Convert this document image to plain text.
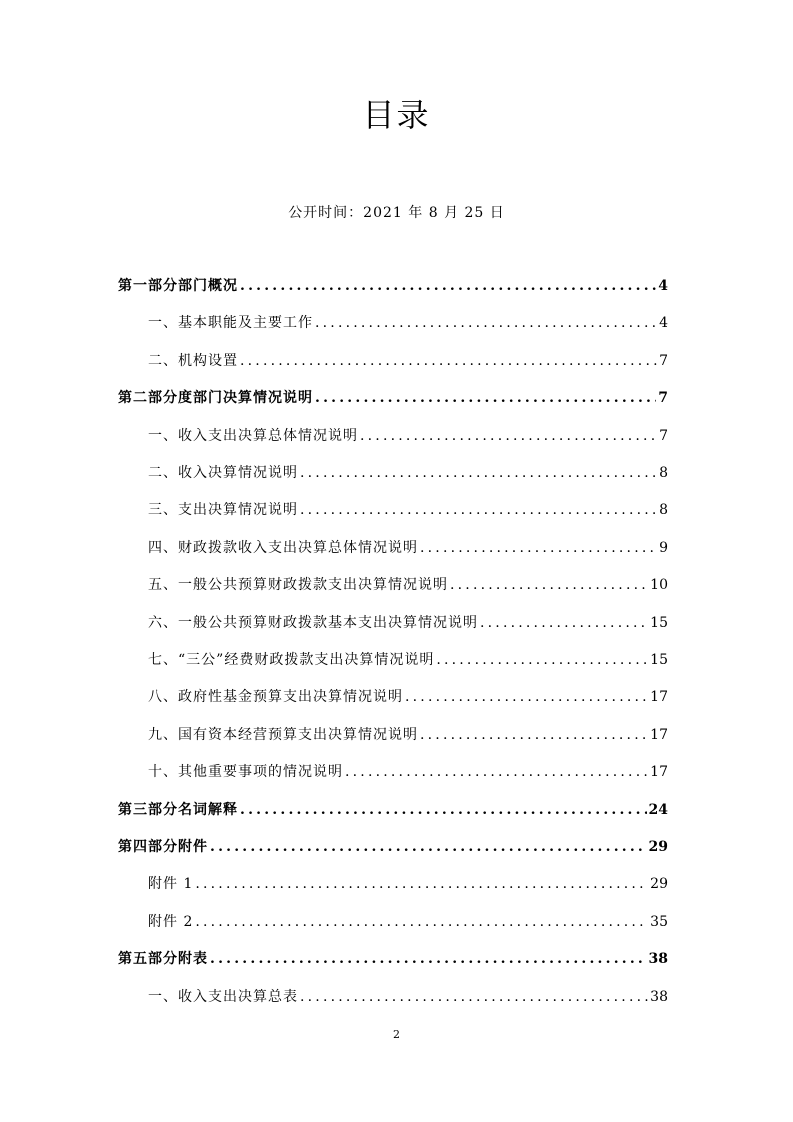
目录
公开时间：2021 年 8 月 25 日
第一部分部门概况 .....	4
一、基本职能及主要工作 .....	4
二、机构设置 .....	7
第二部分度部门决算情况说明 .....	7
一、收入支出决算总体情况说明 .....	7
二、收入决算情况说明 .....	8
三、支出决算情况说明 .....	8
四、财政拨款收入支出决算总体情况说明 .....	9
五、一般公共预算财政拨款支出决算情况说明 .....	10
六、一般公共预算财政拨款基本支出决算情况说明 .....	15
七、“三公”经费财政拨款支出决算情况说明 .....	15
八、政府性基金预算支出决算情况说明 .....	17
九、国有资本经营预算支出决算情况说明 .....	17
十、其他重要事项的情况说明 .....	17
第三部分名词解释 .....	24
第四部分附件 .....	29
附件 1 .....	29
附件 2 .....	35
第五部分附表 .....	38
一、收入支出决算总表 .....	38
2
